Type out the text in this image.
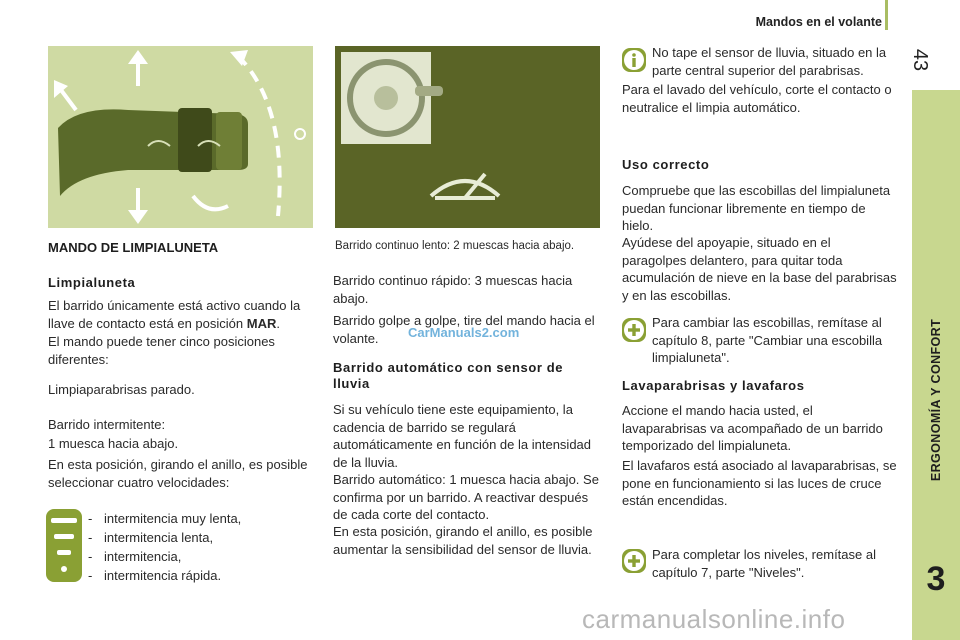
Mandos en el volante
43
ERGONOMÍA Y CONFORT
3
MANDO DE LIMPIALUNETA
Limpialuneta
El barrido únicamente está activo cuando la llave de contacto está en posición MAR.

El mando puede tener cinco posiciones diferentes:

Limpiaparabrisas parado.

Barrido intermitente:

1 muesca hacia abajo.

En esta posición, girando el anillo, es posible seleccionar cuatro velocidades:

- intermitencia muy lenta,
- intermitencia lenta,
- intermitencia,
- intermitencia rápida.

Barrido continuo lento: 2 muescas hacia abajo.

Barrido continuo rápido: 3 muescas hacia abajo.

Barrido golpe a golpe, tire del mando hacia el volante.	CarManuals2.com

Barrido automático con sensor de lluvia

Si su vehículo tiene este equipamiento, la cadencia de barrido se regulará automáticamente en función de la intensidad de la lluvia.

Barrido automático: 1 muesca hacia abajo. Se confirma por un barrido. A reactivar después de cada corte del contacto.

En esta posición, girando el anillo, es posible aumentar la sensibilidad del sensor de lluvia.

No tape el sensor de lluvia, situado en la parte central superior del parabrisas.

Para el lavado del vehículo, corte el contacto o neutralice el limpia automático.

Uso correcto

Compruebe que las escobillas del limpialuneta puedan funcionar libremente en tiempo de hielo.

Ayúdese del apoyapie, situado en el paragolpes delantero, para quitar toda acumulación de nieve en la base del parabrisas y en las escobillas.

Para cambiar las escobillas, remítase al capítulo 8, parte "Cambiar una escobilla limpialuneta".

Lavaparabrisas y lavafaros

Accione el mando hacia usted, el lavaparabrisas va acompañado de un barrido temporizado del limpialuneta.

El lavafaros está asociado al lavaparabrisas, se pone en funcionamiento si las luces de cruce están encendidas.

Para completar los niveles, remítase al capítulo 7, parte "Niveles".

carmanualsonline.info
